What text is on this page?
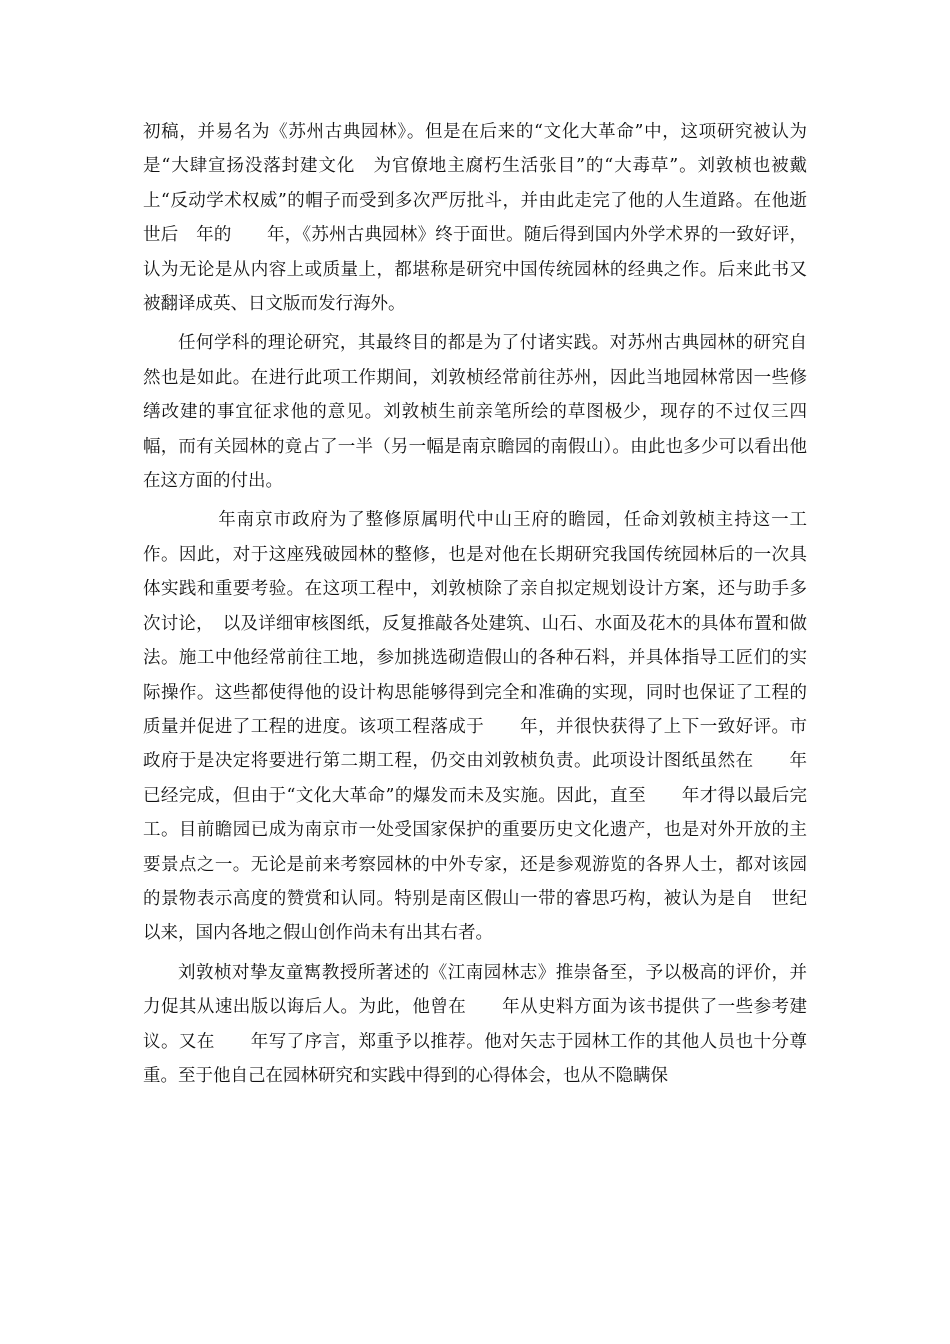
初稿，并易名为《苏州古典园林》。但是在后来的“文化大革命”中，这项研究被认为是“大肆宣扬没落封建文化　为官僚地主腐朽生活张目”的“大毒草”。刘敦桢也被戴上“反动学术权威”的帽子而受到多次严厉批斗，并由此走完了他的人生道路。在他逝世后　年的　　年，《苏州古典园林》终于面世。随后得到国内外学术界的一致好评，认为无论是从内容上或质量上，都堪称是研究中国传统园林的经典之作。后来此书又被翻译成英、日文版而发行海外。

任何学科的理论研究，其最终目的都是为了付诸实践。对苏州古典园林的研究自然也是如此。在进行此项工作期间，刘敦桢经常前往苏州，因此当地园林常因一些修缮改建的事宜征求他的意见。刘敦桢生前亲笔所绘的草图极少，现存的不过仅三四幅，而有关园林的竟占了一半（另一幅是南京瞻园的南假山）。由此也多少可以看出他在这方面的付出。

年南京市政府为了整修原属明代中山王府的瞻园，任命刘敦桢主持这一工作。因此，对于这座残破园林的整修，也是对他在长期研究我国传统园林后的一次具体实践和重要考验。在这项工程中，刘敦桢除了亲自拟定规划设计方案，还与助手多次讨论，　以及详细审核图纸，反复推敲各处建筑、山石、水面及花木的具体布置和做法。施工中他经常前往工地，参加挑选砌造假山的各种石料，并具体指导工匠们的实际操作。这些都使得他的设计构思能够得到完全和准确的实现，同时也保证了工程的质量并促进了工程的进度。该项工程落成于　　年，并很快获得了上下一致好评。市政府于是决定将要进行第二期工程，仍交由刘敦桢负责。此项设计图纸虽然在　　年已经完成，但由于“文化大革命”的爆发而未及实施。因此，直至　　年才得以最后完工。目前瞻园已成为南京市一处受国家保护的重要历史文化遗产，也是对外开放的主要景点之一。无论是前来考察园林的中外专家，还是参观游览的各界人士，都对该园的景物表示高度的赞赏和认同。特别是南区假山一带的睿思巧构，被认为是自　世纪以来，国内各地之假山创作尚未有出其右者。

刘敦桢对挚友童寯教授所著述的《江南园林志》推崇备至，予以极高的评价，并力促其从速出版以诲后人。为此，他曾在　　年从史料方面为该书提供了一些参考建议。又在　　年写了序言，郑重予以推荐。他对矢志于园林工作的其他人员也十分尊重。至于他自己在园林研究和实践中得到的心得体会，也从不隐瞒保
